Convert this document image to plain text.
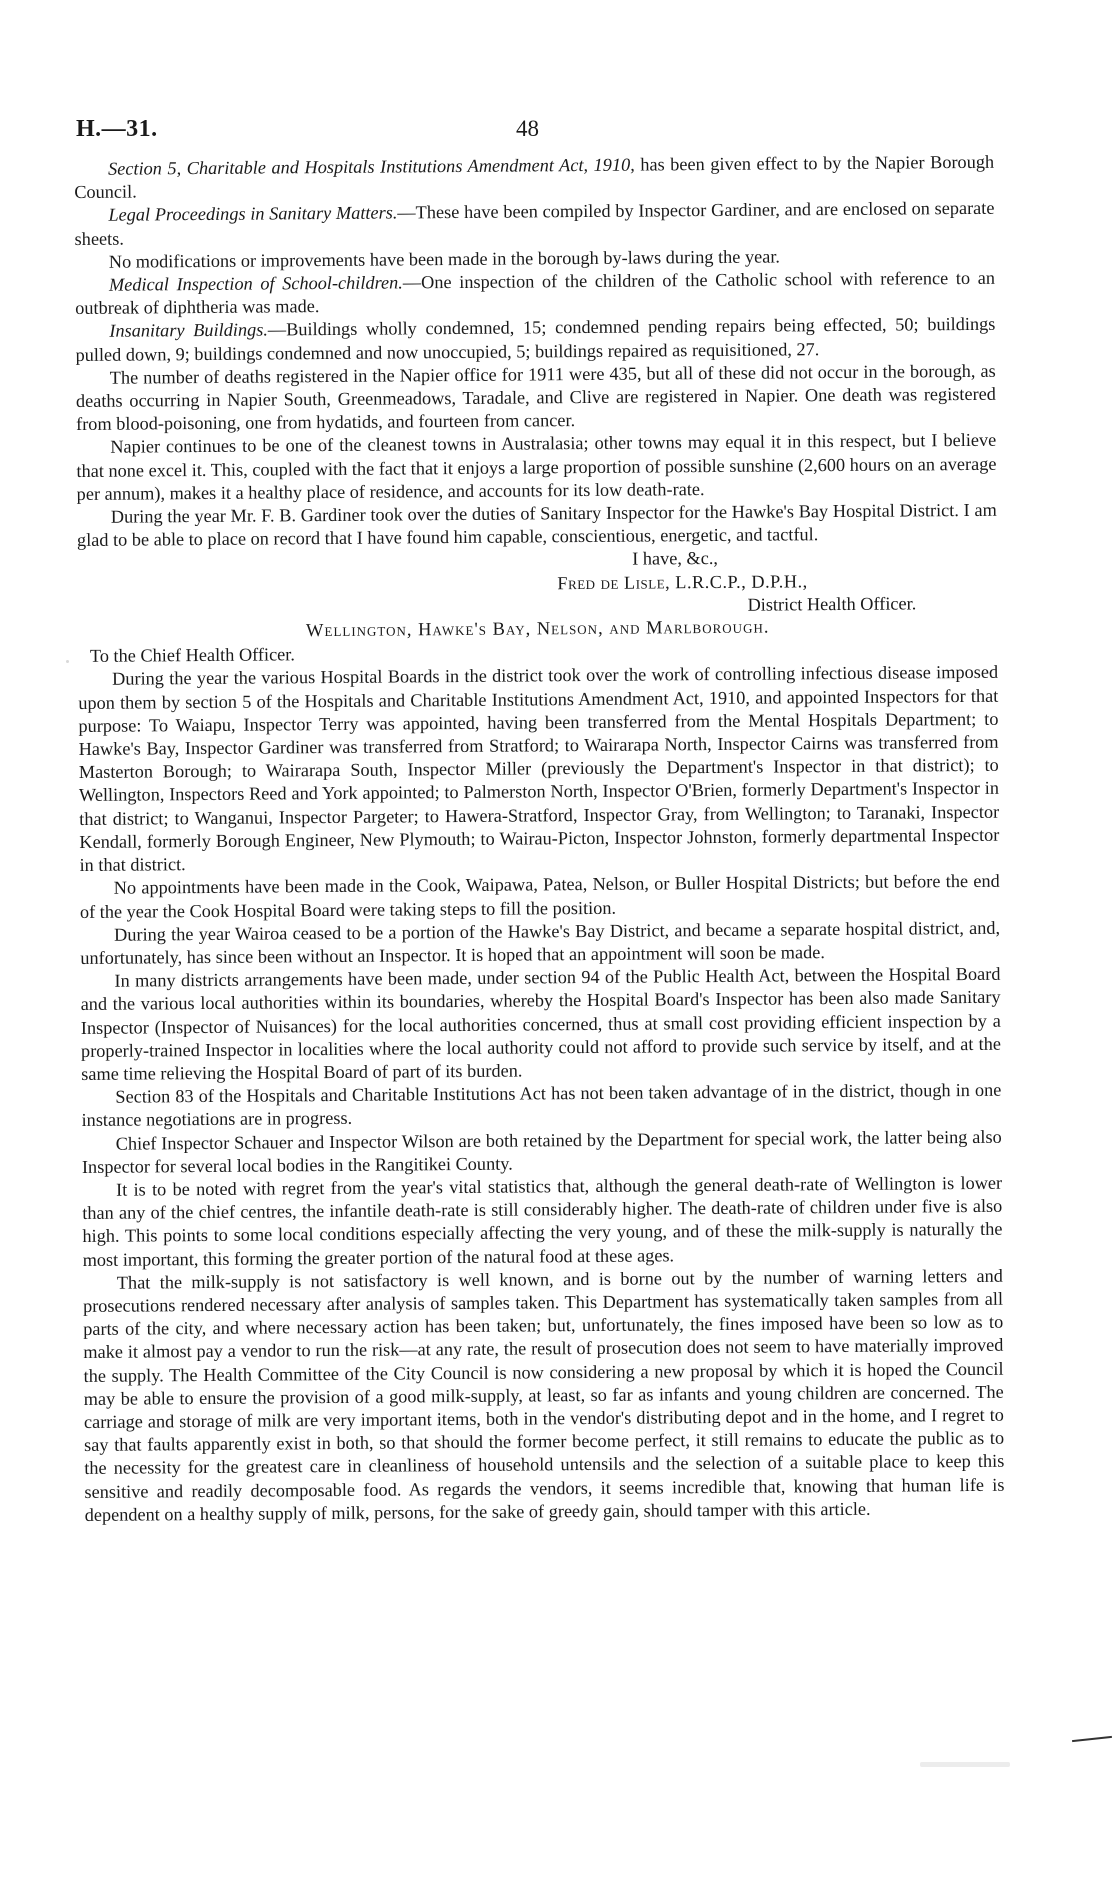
H.—31.	48

Section 5, Charitable and Hospitals Institutions Amendment Act, 1910, has been given effect to by the Napier Borough Council.

Legal Proceedings in Sanitary Matters.—These have been compiled by Inspector Gardiner, and are enclosed on separate sheets.

No modifications or improvements have been made in the borough by-laws during the year.

Medical Inspection of School-children.—One inspection of the children of the Catholic school with reference to an outbreak of diphtheria was made.

Insanitary Buildings.—Buildings wholly condemned, 15; condemned pending repairs being effected, 50; buildings pulled down, 9; buildings condemned and now unoccupied, 5; buildings repaired as requisitioned, 27.

The number of deaths registered in the Napier office for 1911 were 435, but all of these did not occur in the borough, as deaths occurring in Napier South, Greenmeadows, Taradale, and Clive are registered in Napier. One death was registered from blood-poisoning, one from hydatids, and fourteen from cancer.

Napier continues to be one of the cleanest towns in Australasia; other towns may equal it in this respect, but I believe that none excel it. This, coupled with the fact that it enjoys a large proportion of possible sunshine (2,600 hours on an average per annum), makes it a healthy place of residence, and accounts for its low death-rate.

During the year Mr. F. B. Gardiner took over the duties of Sanitary Inspector for the Hawke's Bay Hospital District. I am glad to be able to place on record that I have found him capable, conscientious, energetic, and tactful.

I have, &c.,
Fred de Lisle, L.R.C.P., D.P.H.,
District Health Officer.

Wellington, Hawke's Bay, Nelson, and Marlborough.

To the Chief Health Officer.

During the year the various Hospital Boards in the district took over the work of controlling infectious disease imposed upon them by section 5 of the Hospitals and Charitable Institutions Amendment Act, 1910, and appointed Inspectors for that purpose: To Waiapu, Inspector Terry was appointed, having been transferred from the Mental Hospitals Department; to Hawke's Bay, Inspector Gardiner was transferred from Stratford; to Wairarapa North, Inspector Cairns was transferred from Masterton Borough; to Wairarapa South, Inspector Miller (previously the Department's Inspector in that district); to Wellington, Inspectors Reed and York appointed; to Palmerston North, Inspector O'Brien, formerly Department's Inspector in that district; to Wanganui, Inspector Pargeter; to Hawera-Stratford, Inspector Gray, from Wellington; to Taranaki, Inspector Kendall, formerly Borough Engineer, New Plymouth; to Wairau-Picton, Inspector Johnston, formerly departmental Inspector in that district.

No appointments have been made in the Cook, Waipawa, Patea, Nelson, or Buller Hospital Districts; but before the end of the year the Cook Hospital Board were taking steps to fill the position.

During the year Wairoa ceased to be a portion of the Hawke's Bay District, and became a separate hospital district, and, unfortunately, has since been without an Inspector. It is hoped that an appointment will soon be made.

In many districts arrangements have been made, under section 94 of the Public Health Act, between the Hospital Board and the various local authorities within its boundaries, whereby the Hospital Board's Inspector has been also made Sanitary Inspector (Inspector of Nuisances) for the local authorities concerned, thus at small cost providing efficient inspection by a properly-trained Inspector in localities where the local authority could not afford to provide such service by itself, and at the same time relieving the Hospital Board of part of its burden.

Section 83 of the Hospitals and Charitable Institutions Act has not been taken advantage of in the district, though in one instance negotiations are in progress.

Chief Inspector Schauer and Inspector Wilson are both retained by the Department for special work, the latter being also Inspector for several local bodies in the Rangitikei County.

It is to be noted with regret from the year's vital statistics that, although the general death-rate of Wellington is lower than any of the chief centres, the infantile death-rate is still considerably higher. The death-rate of children under five is also high. This points to some local conditions especially affecting the very young, and of these the milk-supply is naturally the most important, this forming the greater portion of the natural food at these ages.

That the milk-supply is not satisfactory is well known, and is borne out by the number of warning letters and prosecutions rendered necessary after analysis of samples taken. This Department has systematically taken samples from all parts of the city, and where necessary action has been taken; but, unfortunately, the fines imposed have been so low as to make it almost pay a vendor to run the risk—at any rate, the result of prosecution does not seem to have materially improved the supply. The Health Committee of the City Council is now considering a new proposal by which it is hoped the Council may be able to ensure the provision of a good milk-supply, at least, so far as infants and young children are concerned. The carriage and storage of milk are very important items, both in the vendor's distributing depot and in the home, and I regret to say that faults apparently exist in both, so that should the former become perfect, it still remains to educate the public as to the necessity for the greatest care in cleanliness of household untensils and the selection of a suitable place to keep this sensitive and readily decomposable food. As regards the vendors, it seems incredible that, knowing that human life is dependent on a healthy supply of milk, persons, for the sake of greedy gain, should tamper with this article.
